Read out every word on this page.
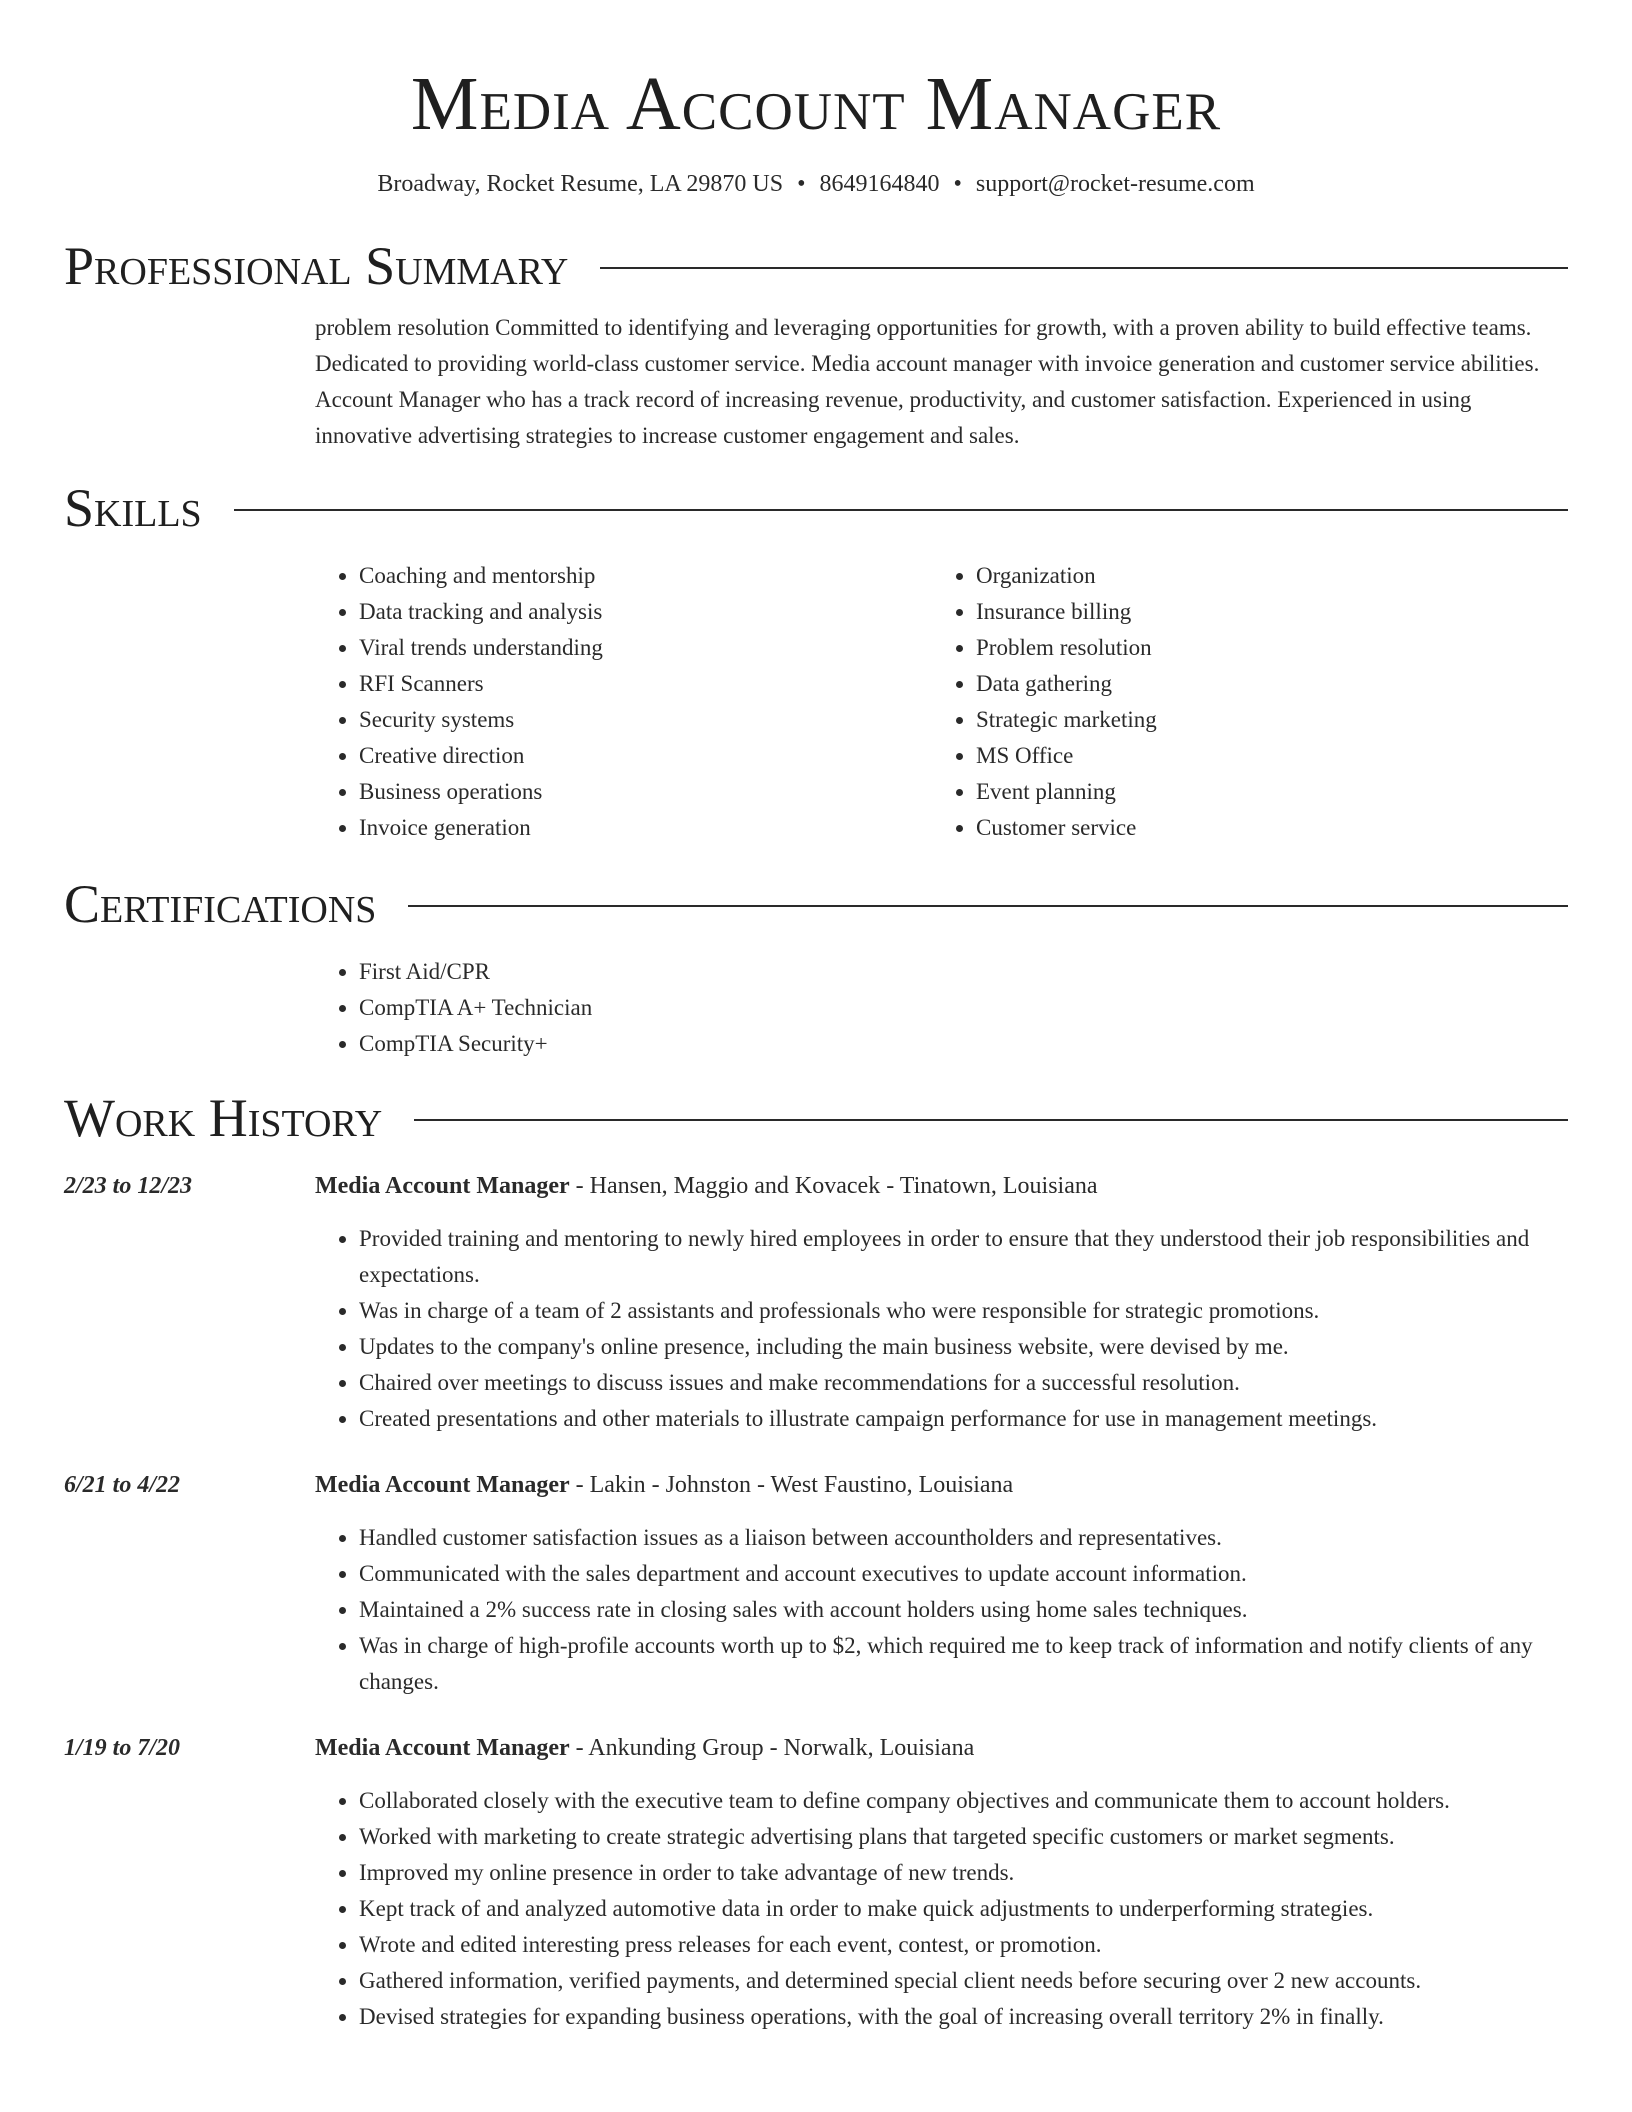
Media Account Manager
Broadway, Rocket Resume, LA 29870 US • 8649164840 • support@rocket-resume.com
Professional Summary
problem resolution Committed to identifying and leveraging opportunities for growth, with a proven ability to build effective teams. Dedicated to providing world-class customer service. Media account manager with invoice generation and customer service abilities. Account Manager who has a track record of increasing revenue, productivity, and customer satisfaction. Experienced in using innovative advertising strategies to increase customer engagement and sales.
Skills
• Coaching and mentorship
• Data tracking and analysis
• Viral trends understanding
• RFI Scanners
• Security systems
• Creative direction
• Business operations
• Invoice generation
• Organization
• Insurance billing
• Problem resolution
• Data gathering
• Strategic marketing
• MS Office
• Event planning
• Customer service
Certifications
• First Aid/CPR
• CompTIA A+ Technician
• CompTIA Security+
Work History
2/23 to 12/23	Media Account Manager - Hansen, Maggio and Kovacek - Tinatown, Louisiana
• Provided training and mentoring to newly hired employees in order to ensure that they understood their job responsibilities and expectations.
• Was in charge of a team of 2 assistants and professionals who were responsible for strategic promotions.
• Updates to the company's online presence, including the main business website, were devised by me.
• Chaired over meetings to discuss issues and make recommendations for a successful resolution.
• Created presentations and other materials to illustrate campaign performance for use in management meetings.
6/21 to 4/22	Media Account Manager - Lakin - Johnston - West Faustino, Louisiana
• Handled customer satisfaction issues as a liaison between accountholders and representatives.
• Communicated with the sales department and account executives to update account information.
• Maintained a 2% success rate in closing sales with account holders using home sales techniques.
• Was in charge of high-profile accounts worth up to $2, which required me to keep track of information and notify clients of any changes.
1/19 to 7/20	Media Account Manager - Ankunding Group - Norwalk, Louisiana
• Collaborated closely with the executive team to define company objectives and communicate them to account holders.
• Worked with marketing to create strategic advertising plans that targeted specific customers or market segments.
• Improved my online presence in order to take advantage of new trends.
• Kept track of and analyzed automotive data in order to make quick adjustments to underperforming strategies.
• Wrote and edited interesting press releases for each event, contest, or promotion.
• Gathered information, verified payments, and determined special client needs before securing over 2 new accounts.
• Devised strategies for expanding business operations, with the goal of increasing overall territory 2% in finally.
